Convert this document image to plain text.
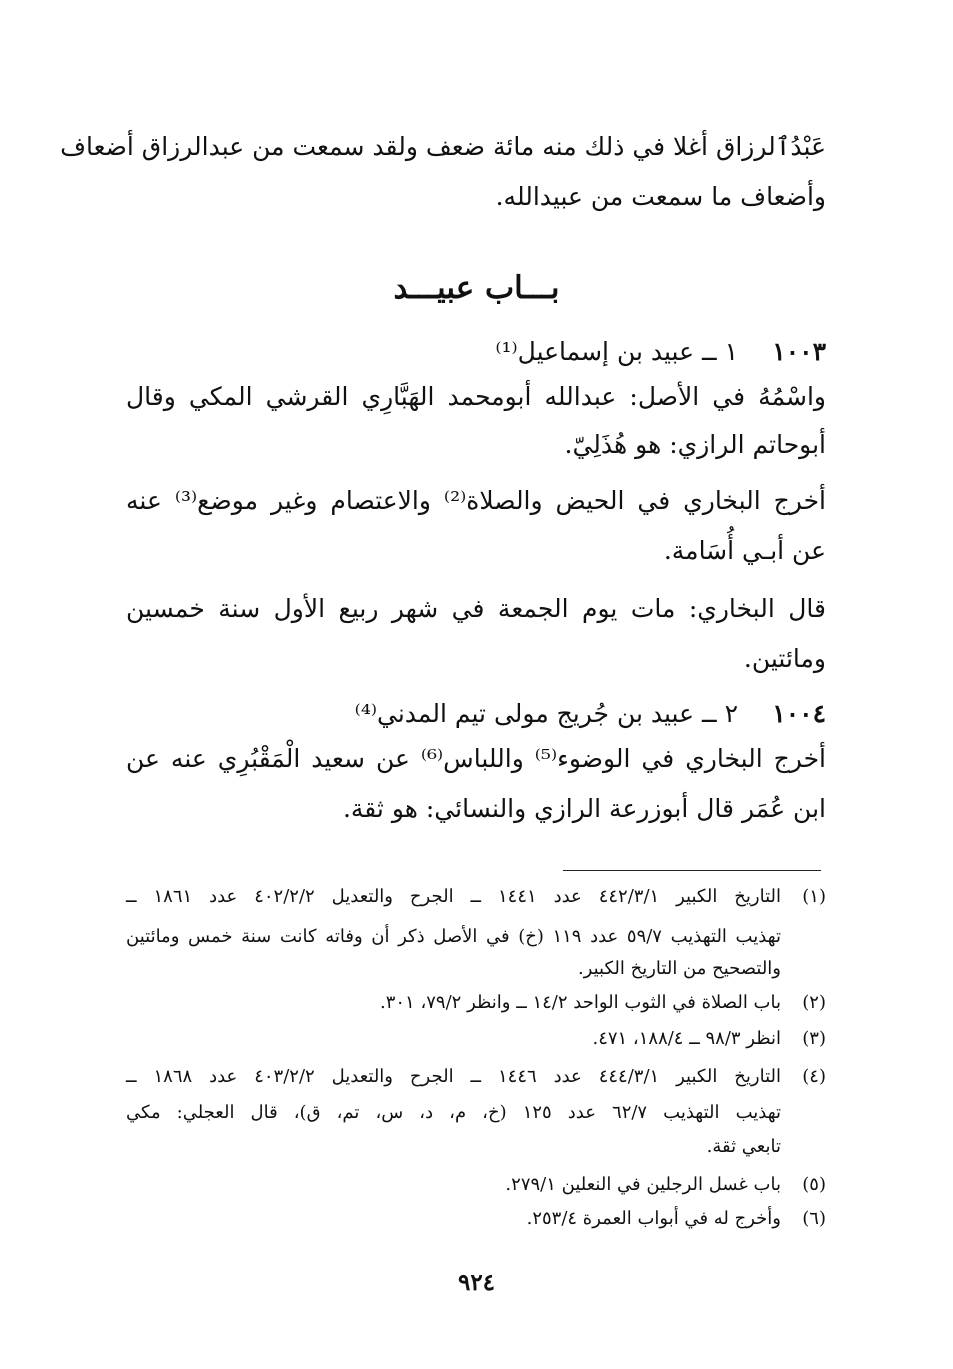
عَبْدُٱلرزاق أغلا في ذلك منه مائة ضعف ولقد سمعت من عبدالرزاق أضعاف
وأضعاف ما سمعت من عبيدالله.
بـــاب عبيـــد
١٠٠٣
١ ــ عبيد بن إسماعيل⁽¹⁾
واسْمُهُ في الأصل: عبدالله أبومحمد الهَبَّارِي القرشي المكي وقال
أبوحاتم الرازي: هو هُذَلِيّ.
أخرج البخاري في الحيض والصلاة⁽²⁾ والاعتصام وغير موضع⁽³⁾ عنه
عن أبـي أُسَامة.
قال البخاري: مات يوم الجمعة في شهر ربيع الأول سنة خمسين
ومائتين.
١٠٠٤
٢ ــ عبيد بن جُريج مولى تيم المدني⁽⁴⁾
أخرج البخاري في الوضوء⁽⁵⁾ واللباس⁽⁶⁾ عن سعيد الْمَقْبُرِي عنه عن
ابن عُمَر قال أبوزرعة الرازي والنسائي: هو ثقة.
(١)
التاريخ الكبير ٤٤٢/٣/١ عدد ١٤٤١ ــ الجرح والتعديل ٤٠٢/٢/٢ عدد ١٨٦١ ــ
تهذيب التهذيب ٥٩/٧ عدد ١١٩ (خ) في الأصل ذكر أن وفاته كانت سنة خمس ومائتين
والتصحيح من التاريخ الكبير.
(٢)
باب الصلاة في الثوب الواحد ١٤/٢ ــ وانظر ٧٩/٢، ٣٠١.
(٣)
انظر ٩٨/٣ ــ ١٨٨/٤، ٤٧١.
(٤)
التاريخ الكبير ٤٤٤/٣/١ عدد ١٤٤٦ ــ الجرح والتعديل ٤٠٣/٢/٢ عدد ١٨٦٨ ــ
تهذيب التهذيب ٦٢/٧ عدد ١٢٥ (خ، م، د، س، تم، ق)، قال العجلي: مكي
تابعي ثقة.
(٥)
باب غسل الرجلين في النعلين ٢٧٩/١.
(٦)
وأخرج له في أبواب العمرة ٢٥٣/٤.
٩٢٤
